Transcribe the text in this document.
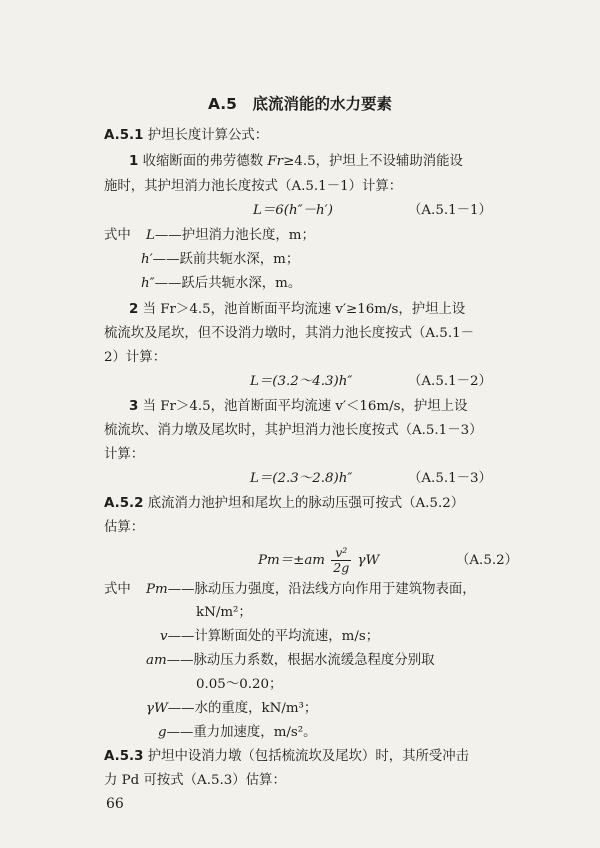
A.5　底流消能的水力要素
A.5.1 护坦长度计算公式：
1 收缩断面的弗劳德数 Fr≥4.5，护坦上不设辅助消能设
施时，其护坦消力池长度按式（A.5.1－1）计算：
L＝6(h″－h′)	（A.5.1－1）
式中 L——护坦消力池长度，m；
h′——跃前共轭水深，m；
h″——跃后共轭水深，m。
2 当 Fr＞4.5，池首断面平均流速 v′≥16m/s，护坦上设
梳流坎及尾坎，但不设消力墩时，其消力池长度按式（A.5.1－
2）计算：
L＝(3.2～4.3)h″	（A.5.1－2）
3 当 Fr＞4.5，池首断面平均流速 v′＜16m/s，护坦上设
梳流坎、消力墩及尾坎时，其护坦消力池长度按式（A.5.1－3）
计算：
L＝(2.3～2.8)h″	（A.5.1－3）
A.5.2 底流消力池护坦和尾坎上的脉动压强可按式（A.5.2）
估算：
$Pm=\pm am \frac{\text{v²}}{2g}$ γW	（A.5.2）
式中 Pm——脉动压力强度，沿法线方向作用于建筑物表面，
kN/m²；
v——计算断面处的平均流速，m/s；
am——脉动压力系数，根据水流缓急程度分别取
0.05～0.20；
γW——水的重度，kN/m³；
g——重力加速度，m/s²。
A.5.3 护坦中设消力墩（包括梳流坎及尾坎）时，其所受冲击
力 Pd 可按式（A.5.3）估算：
66
